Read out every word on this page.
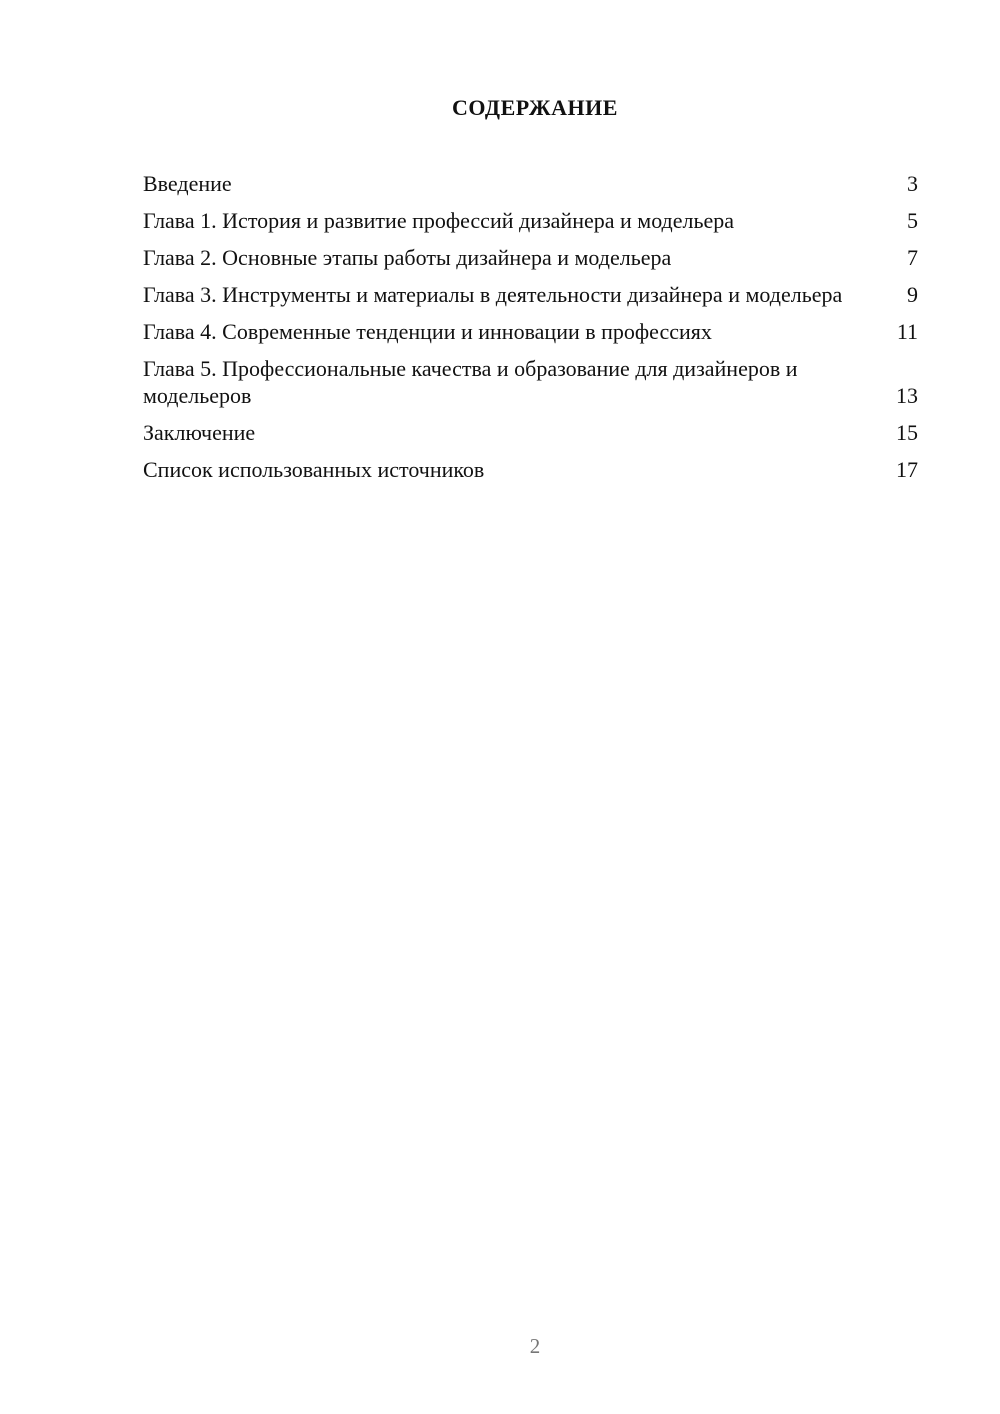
СОДЕРЖАНИЕ
Введение	3
Глава 1. История и развитие профессий дизайнера и модельера	5
Глава 2. Основные этапы работы дизайнера и модельера	7
Глава 3. Инструменты и материалы в деятельности дизайнера и модельера	9
Глава 4. Современные тенденции и инновации в профессиях	11
Глава 5. Профессиональные качества и образование для дизайнеров и модельеров	13
Заключение	15
Список использованных источников	17
2
